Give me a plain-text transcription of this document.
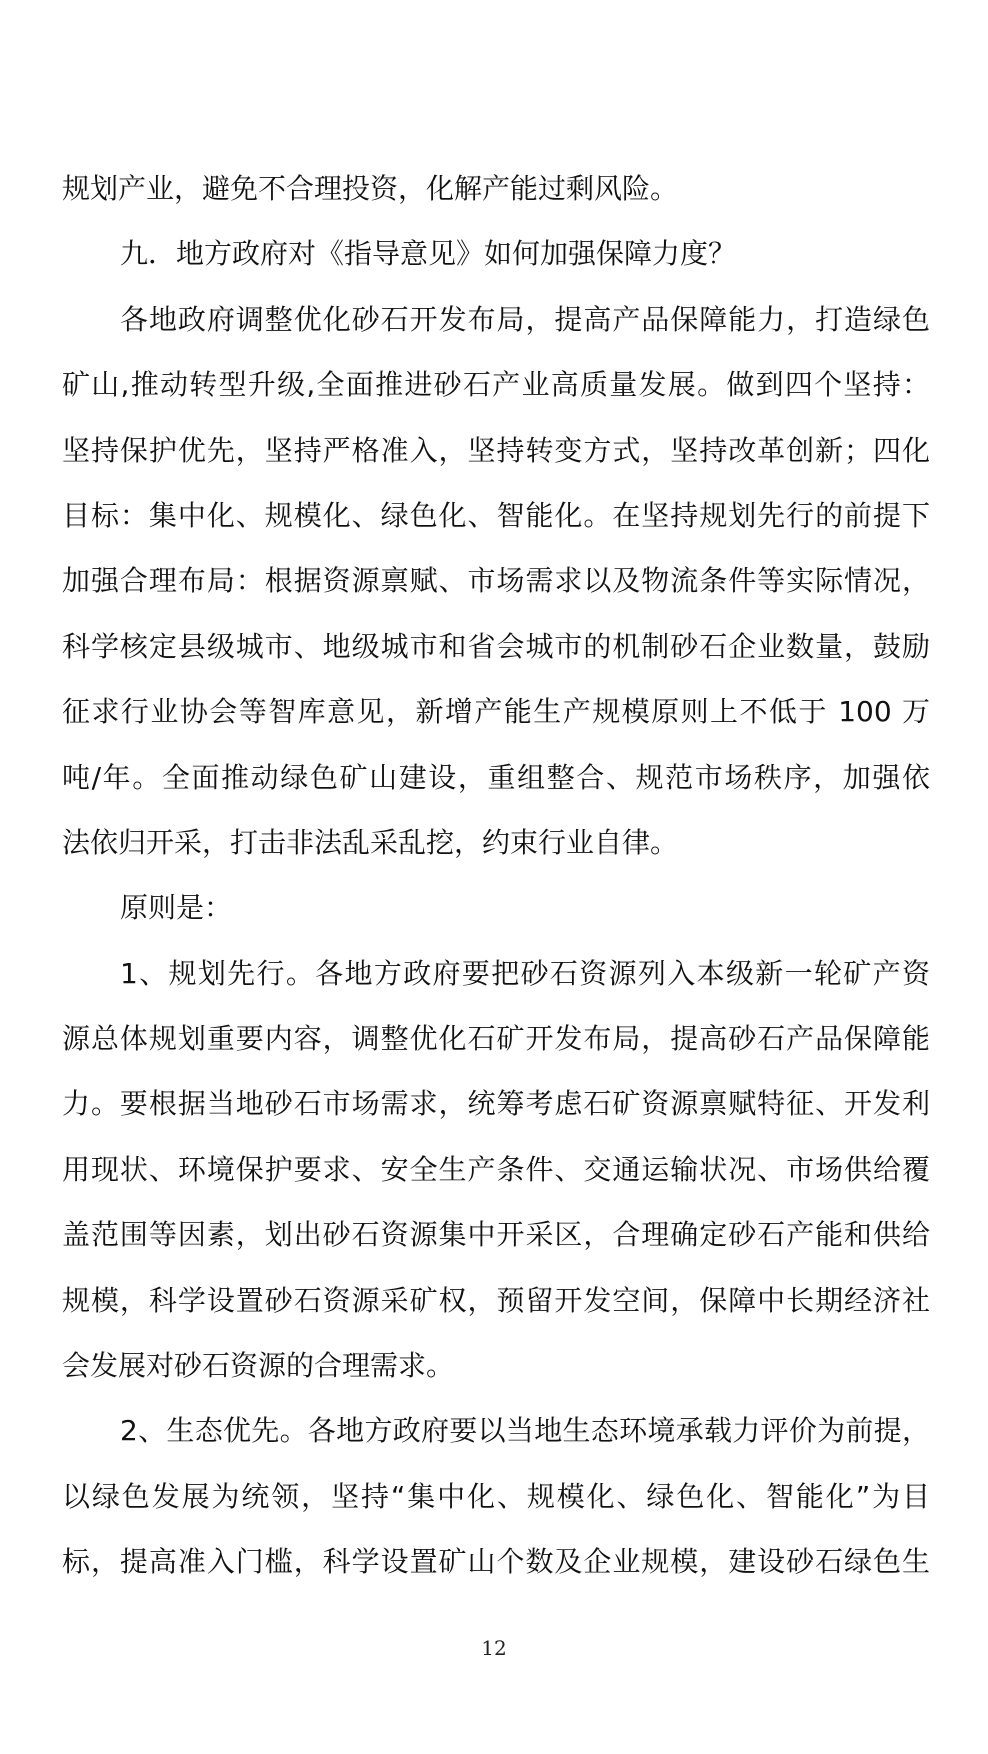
规划产业，避免不合理投资，化解产能过剩风险。
九．地方政府对《指导意见》如何加强保障力度？
各地政府调整优化砂石开发布局，提高产品保障能力，打造绿色
矿山,推动转型升级,全面推进砂石产业高质量发展。做到四个坚持：
坚持保护优先，坚持严格准入，坚持转变方式，坚持改革创新；四化
目标：集中化、规模化、绿色化、智能化。在坚持规划先行的前提下
加强合理布局：根据资源禀赋、市场需求以及物流条件等实际情况，
科学核定县级城市、地级城市和省会城市的机制砂石企业数量，鼓励
征求行业协会等智库意见，新增产能生产规模原则上不低于 100 万
吨/年。全面推动绿色矿山建设，重组整合、规范市场秩序，加强依
法依归开采，打击非法乱采乱挖，约束行业自律。
原则是：
1、规划先行。各地方政府要把砂石资源列入本级新一轮矿产资
源总体规划重要内容，调整优化石矿开发布局，提高砂石产品保障能
力。要根据当地砂石市场需求，统筹考虑石矿资源禀赋特征、开发利
用现状、环境保护要求、安全生产条件、交通运输状况、市场供给覆
盖范围等因素，划出砂石资源集中开采区，合理确定砂石产能和供给
规模，科学设置砂石资源采矿权，预留开发空间，保障中长期经济社
会发展对砂石资源的合理需求。
2、生态优先。各地方政府要以当地生态环境承载力评价为前提，
以绿色发展为统领，坚持“集中化、规模化、绿色化、智能化”为目
标，提高准入门槛，科学设置矿山个数及企业规模，建设砂石绿色生
12
